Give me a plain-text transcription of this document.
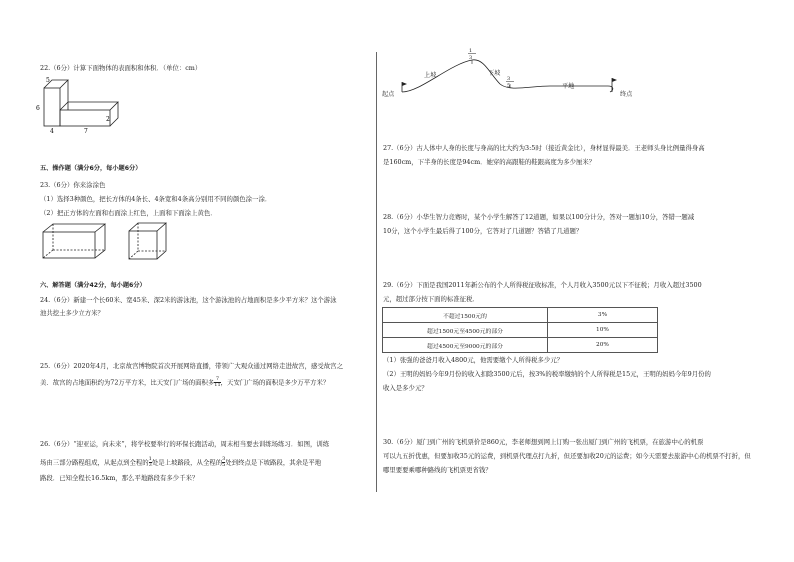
22.（6分）计算下面物体的表面积和体积．（单位：cm）
5
6
4	7
2
五、操作题（满分6分，每小题6分）
23.（6分）你来涂涂色
（1）选择3种颜色，把长方体的4条长、4条宽和4条高分别用不同的颜色涂一涂．
（2）把正方体的左面和右面涂上红色，上面和下面涂上黄色．
六、解答题（满分42分，每小题6分）
24.（6分）新建一个长60米、宽45米、深2米的游泳池，这个游泳池的占地面积是多少平方米？这个游泳
池共挖土多少立方米？
25.（6分）2020年4月，北京故宫博物院首次开展网络直播，带领广大观众通过网络走进故宫，感受故宫之
美．故宫的占地面积约为72万平方米，比天安门广场的面积多 $\frac{7}{11}$ ，天安门广场的面积是多少万平方米？
26.（6分）“迎亚运，向未来”，将学校要举行的环保长跑活动，周末相当要去训练场练习．如图，训练
场由三部分路程组成，从起点到全程的 $\frac{1}{3}$ 处是上坡路段，从全程的 $\frac{3}{5}$ 处到终点是下坡路段，其余是平地
路段．已知全程长16.5km，那么平地路段有多少千米？
起点
上坡	下坡
平地
终点
1
3
3
5
27.（6分）古人体中人身的长度与身高的比大约为3:5时（接近黄金比），身材显得最美．王老师头身比例量得身高
是160cm，下半身的长度是94cm．她穿的高跟鞋的鞋跟高度为多少厘米？
28.（6分）小华生智力竞赛时，某个小学生解答了12道题，如果以100分计分，答对一题加10分，答错一题减
10分，这个小学生最后得了100分，它答对了几道题？答错了几道题？
29.（6分）下面是我国2011年新公布的个人所得税征收标准，个人月收入3500元以下不征税；月收入超过3500
元，超过部分按下面的标准征税．
不超过1500元的	3%
超过1500元至4500元的部分	10%
超过4500元至9000元的部分	20%
（1）张强的爸爸月收入4800元，他需要缴个人所得税多少元？
（2）王明的妈妈今年9月份的收入扣除3500元后，按3%的税率缴纳的个人所得税是15元，王明的妈妈今年9月份的
收入是多少元？
30.（6分）厦门到广州的飞机票价是860元，李老师想到网上订购一张出厦门到广州的飞机票，在旅游中心的机票
可以九五折优惠，但要加收35元的运费，到机票代理点打九折，但还要加收20元的运费；如今天需要去旅游中心的机票不打折，但
哪里要要乘哪种路线的飞机票更省钱？
